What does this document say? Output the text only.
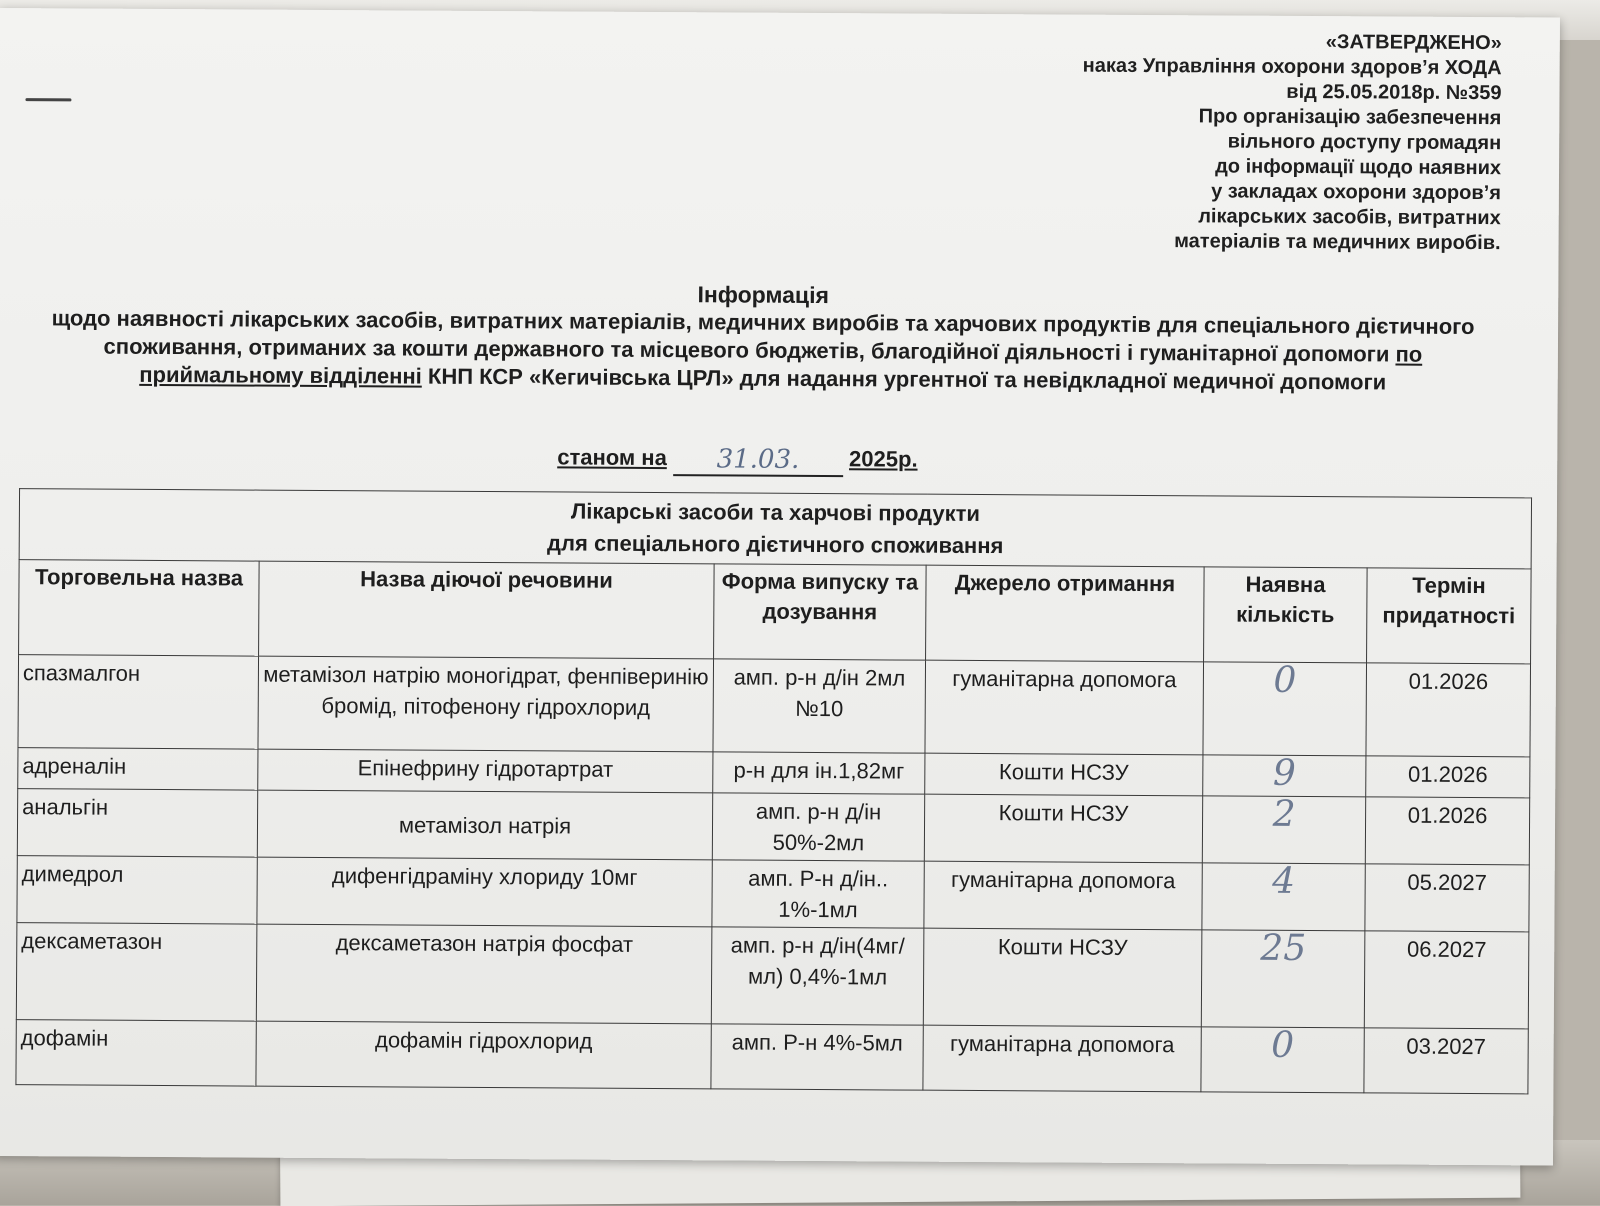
«ЗАТВЕРДЖЕНО»
наказ Управління охорони здоров’я ХОДА
від 25.05.2018р. №359
Про організацію забезпечення
вільного доступу громадян
до інформації щодо наявних
у закладах охорони здоров’я
лікарських засобів, витратних
матеріалів та медичних виробів.
Інформація
щодо наявності лікарських засобів, витратних матеріалів, медичних виробів та харчових продуктів для спеціального дієтичного споживання, отриманих за кошти державного та місцевого бюджетів, благодійної діяльності і гуманітарної допомоги по приймальному відділенні КНП КСР «Кегичівська ЦРЛ» для надання ургентної та невідкладної медичної допомоги
станом на 31.03. 2025р.
Лікарські засоби та харчові продукти
для спеціального дієтичного споживання					

Торговельна назва	Назва діючої речовини	Форма випуску та дозування	Джерело отримання	Наявна кількість	Термін придатності
спазмалгон	метамізол натрію моногідрат, фенпіверинію бромід, пітофенону гідрохлорид	амп. р-н д/ін 2мл №10	гуманітарна допомога	0	01.2026
адреналін	Епінефрину гідротартрат	р-н для ін.1,82мг	Кошти НСЗУ	9	01.2026
анальгін	метамізол натрія	амп. р-н д/ін 50%-2мл	Кошти НСЗУ	2	01.2026
димедрол	дифенгідраміну хлориду 10мг	амп. Р-н д/ін.. 1%-1мл	гуманітарна допомога	4	05.2027
дексаметазон	дексаметазон натрія фосфат	амп. р-н д/ін(4мг/мл) 0,4%-1мл	Кошти НСЗУ	25	06.2027
дофамін	дофамін гідрохлорид	амп. Р-н 4%-5мл	гуманітарна допомога	0	03.2027
